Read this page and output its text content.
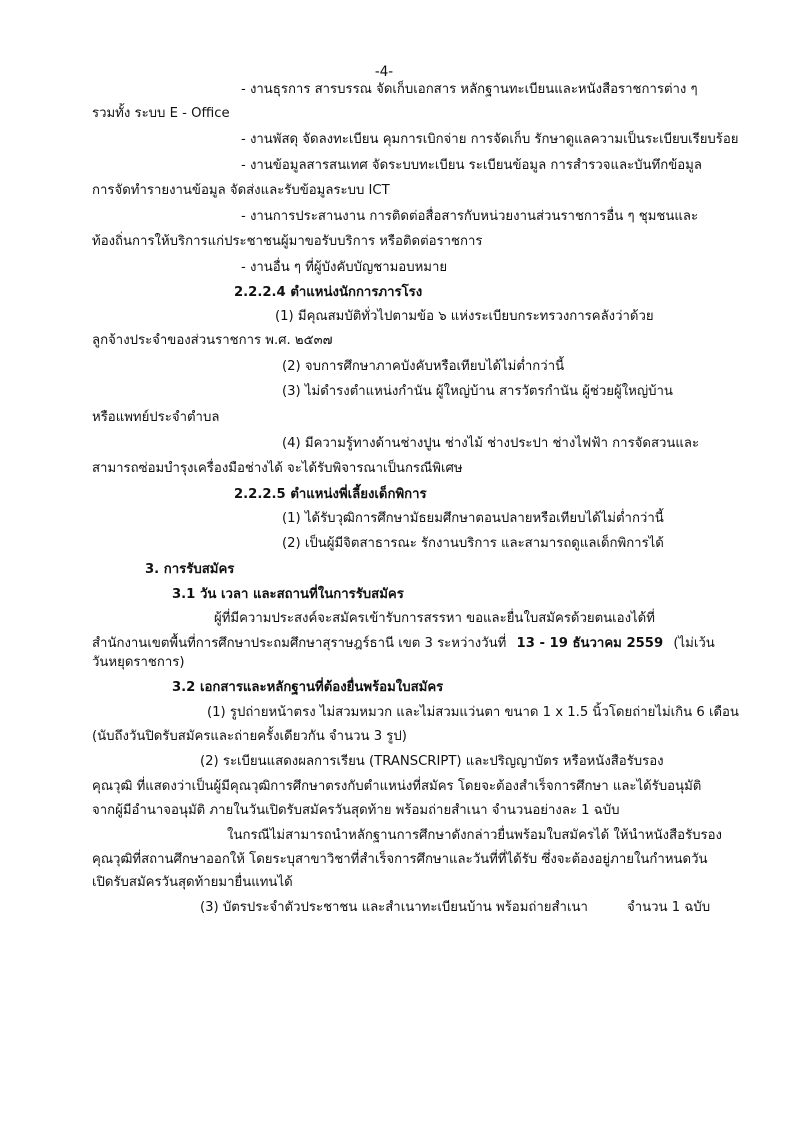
-4-
- งานธุรการ สารบรรณ จัดเก็บเอกสาร หลักฐานทะเบียนและหนังสือราชการต่าง ๆ
รวมทั้ง ระบบ E - Office
- งานพัสดุ จัดลงทะเบียน คุมการเบิกจ่าย การจัดเก็บ รักษาดูแลความเป็นระเบียบเรียบร้อย
- งานข้อมูลสารสนเทศ จัดระบบทะเบียน ระเบียนข้อมูล การสำรวจและบันทึกข้อมูล
การจัดทำรายงานข้อมูล จัดส่งและรับข้อมูลระบบ ICT
- งานการประสานงาน การติดต่อสื่อสารกับหน่วยงานส่วนราชการอื่น ๆ ชุมชนและ
ท้องถิ่นการให้บริการแก่ประชาชนผู้มาขอรับบริการ หรือติดต่อราชการ
- งานอื่น ๆ ที่ผู้บังคับบัญชามอบหมาย
2.2.2.4 ตำแหน่งนักการภารโรง
(1) มีคุณสมบัติทั่วไปตามข้อ ๖ แห่งระเบียบกระทรวงการคลังว่าด้วย
ลูกจ้างประจำของส่วนราชการ พ.ศ. ๒๕๓๗
(2) จบการศึกษาภาคบังคับหรือเทียบได้ไม่ต่ำกว่านี้
(3) ไม่ดำรงตำแหน่งกำนัน ผู้ใหญ่บ้าน สารวัตรกำนัน ผู้ช่วยผู้ใหญ่บ้าน
หรือแพทย์ประจำตำบล
(4) มีความรู้ทางด้านช่างปูน ช่างไม้ ช่างประปา ช่างไฟฟ้า การจัดสวนและ
สามารถซ่อมบำรุงเครื่องมือช่างได้ จะได้รับพิจารณาเป็นกรณีพิเศษ
2.2.2.5 ตำแหน่งพี่เลี้ยงเด็กพิการ
(1) ได้รับวุฒิการศึกษามัธยมศึกษาตอนปลายหรือเทียบได้ไม่ต่ำกว่านี้
(2) เป็นผู้มีจิตสาธารณะ รักงานบริการ และสามารถดูแลเด็กพิการได้
3. การรับสมัคร
3.1 วัน เวลา และสถานที่ในการรับสมัคร
ผู้ที่มีความประสงค์จะสมัครเข้ารับการสรรหา ขอและยื่นใบสมัครด้วยตนเองได้ที่
สำนักงานเขตพื้นที่การศึกษาประถมศึกษาสุราษฎร์ธานี เขต 3 ระหว่างวันที่ 13 - 19 ธันวาคม 2559 (ไม่เว้น
วันหยุดราชการ)
3.2 เอกสารและหลักฐานที่ต้องยื่นพร้อมใบสมัคร
(1) รูปถ่ายหน้าตรง ไม่สวมหมวก และไม่สวมแว่นตา ขนาด 1 x 1.5 นิ้วโดยถ่ายไม่เกิน 6 เดือน
(นับถึงวันปิดรับสมัครและถ่ายครั้งเดียวกัน จำนวน 3 รูป)
(2) ระเบียนแสดงผลการเรียน (TRANSCRIPT) และปริญญาบัตร หรือหนังสือรับรอง
คุณวุฒิ ที่แสดงว่าเป็นผู้มีคุณวุฒิการศึกษาตรงกับตำแหน่งที่สมัคร โดยจะต้องสำเร็จการศึกษา และได้รับอนุมัติ
จากผู้มีอำนาจอนุมัติ ภายในวันเปิดรับสมัครวันสุดท้าย พร้อมถ่ายสำเนา จำนวนอย่างละ 1 ฉบับ
ในกรณีไม่สามารถนำหลักฐานการศึกษาดังกล่าวยื่นพร้อมใบสมัครได้ ให้นำหนังสือรับรอง
คุณวุฒิที่สถานศึกษาออกให้ โดยระบุสาขาวิชาที่สำเร็จการศึกษาและวันที่ที่ได้รับ ซึ่งจะต้องอยู่ภายในกำหนดวัน
เปิดรับสมัครวันสุดท้ายมายื่นแทนได้
(3) บัตรประจำตัวประชาชน และสำเนาทะเบียนบ้าน พร้อมถ่ายสำเนา	จำนวน 1 ฉบับ
